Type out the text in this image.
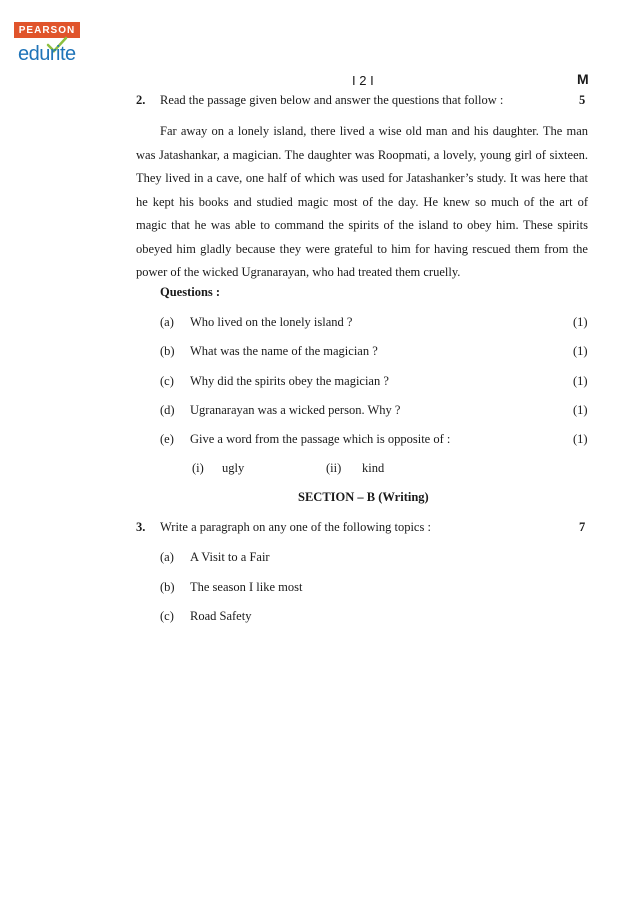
PEARSON
edurite
I 2 I	M
2. Read the passage given below and answer the questions that follow :	5
Far away on a lonely island, there lived a wise old man and his daughter. The man was Jatashankar, a magician. The daughter was Roopmati, a lovely, young girl of sixteen. They lived in a cave, one half of which was used for Jatashanker’s study. It was here that he kept his books and studied magic most of the day. He knew so much of the art of magic that he was able to command the spirits of the island to obey him. These spirits obeyed him gladly because they were grateful to him for having rescued them from the power of the wicked Ugranarayan, who had treated them cruelly.
Questions :
(a) Who lived on the lonely island ?	(1)
(b) What was the name of the magician ?	(1)
(c) Why did the spirits obey the magician ?	(1)
(d) Ugranarayan was a wicked person. Why ?	(1)
(e) Give a word from the passage which is opposite of :	(1)
(i) ugly	(ii) kind
SECTION – B (Writing)
3. Write a paragraph on any one of the following topics :	7
(a) A Visit to a Fair
(b) The season I like most
(c) Road Safety
